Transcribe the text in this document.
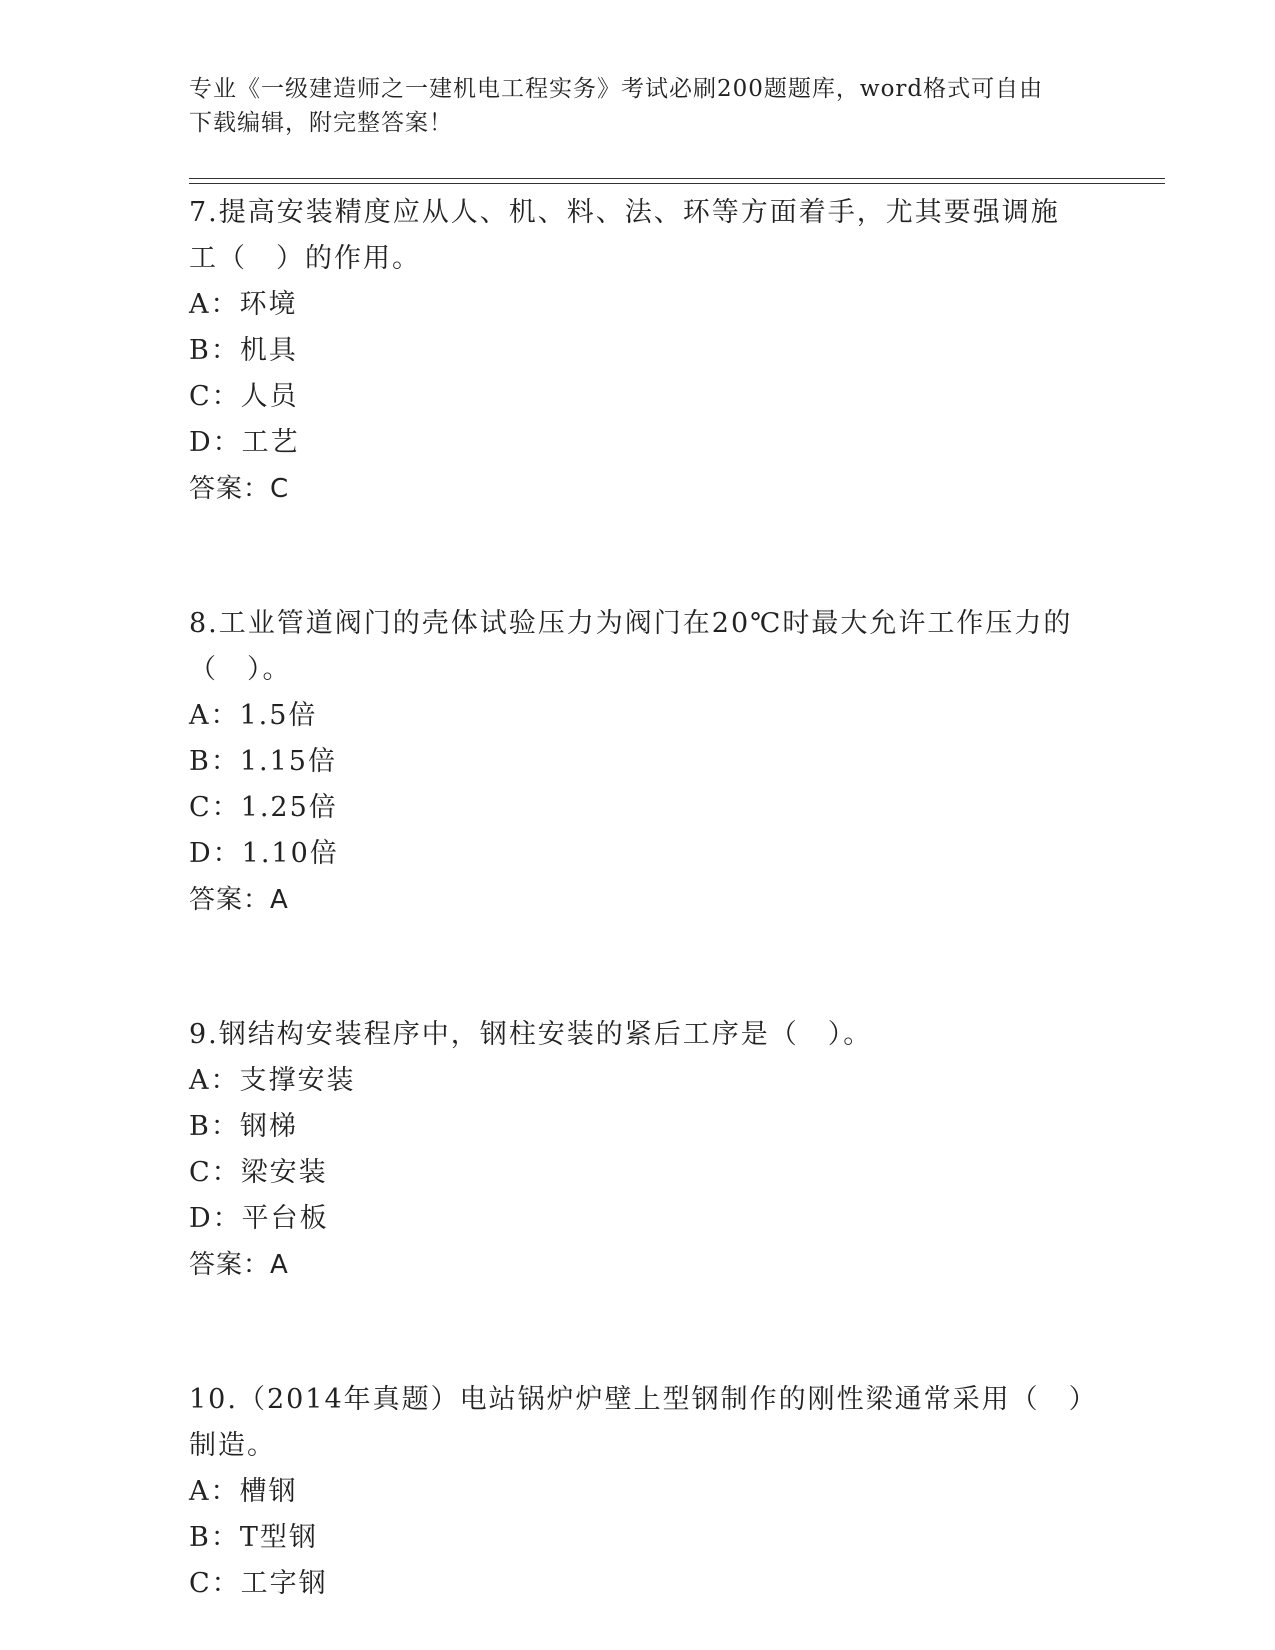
专业《一级建造师之一建机电工程实务》考试必刷200题题库，word格式可自由
下载编辑，附完整答案！
7.提高安装精度应从人、机、料、法、环等方面着手，尤其要强调施
工（　）的作用。
A：环境
B：机具
C：人员
D：工艺
答案：C
8.工业管道阀门的壳体试验压力为阀门在20℃时最大允许工作压力的
（　）。
A：1.5倍
B：1.15倍
C：1.25倍
D：1.10倍
答案：A
9.钢结构安装程序中，钢柱安装的紧后工序是（　）。
A：支撑安装
B：钢梯
C：梁安装
D：平台板
答案：A
10.（2014年真题）电站锅炉炉壁上型钢制作的刚性梁通常采用（　）
制造。
A：槽钢
B：T型钢
C：工字钢
